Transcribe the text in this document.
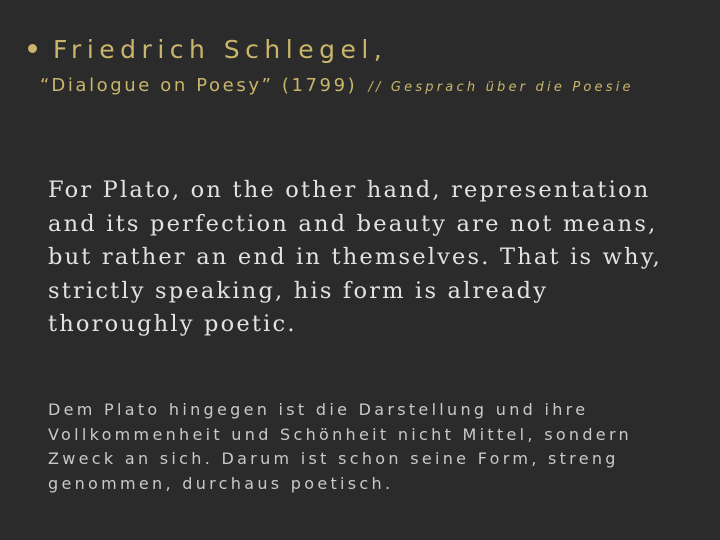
Friedrich Schlegel,
“Dialogue on Poesy” (1799) // Gesprach über die Poesie

For Plato, on the other hand, representation and its perfection and beauty are not means, but rather an end in themselves. That is why, strictly speaking, his form is already thoroughly poetic.

Dem Plato hingegen ist die Darstellung und ihre Vollkommenheit und Schönheit nicht Mittel, sondern Zweck an sich. Darum ist schon seine Form, streng genommen, durchaus poetisch.
